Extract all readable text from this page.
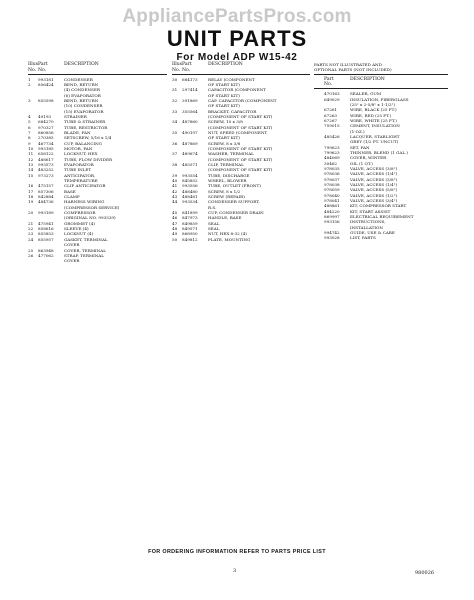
AppliancePartsPros.com
UNIT PARTS
For Model ADP W15-42
Illus.
No.
Part
No.
DESCRIPTION
1	993181	CONDENSER
2	856424	BEND, RETURN
(4) CONDENSER
(6) EVAPORATOR
3	855598	BEND, RETURN
(10) CONDENSER
(15) EVAPORATOR
4	49193	STRAINER
5	684270	TUBE & STRAINER
6	970327	TUBE, RESTRICTOR
7	860856	BLADE, FAN
8	270385	SETSCREW, 5/16 x 1/4
9	467734	CUP, BALANCING
10	993185	MOTOR, FAN
11	658122	LOCKNUT, HEX
12	488617	TUBE, FLOW DIVIDER
13	993573	EVAPORATOR
14	483252	TUBE INLET
15	973273	ANTICIPATOR,
TEMPERATURE
16	475157	CLIP ANTICIPATOR
17	857306	BASE
18	842884	CLAMP
19	484736	HARNESS WIRING
(COMPRESSOR SERVICE)
20	993189	COMPRESSOR
(ORIGINAL NO. 993539)
21	475941	GROMMET (4)
22	858616	SLEEVE (4)
23	855853	LOCKNUT (4)
24	855957	GASKET, TERMINAL
COVER
25	863948	COVER, TERMINAL
26	477062	STRAP, TERMINAL
COVER
Illus.
No.
Part
No.
DESCRIPTION
30	684173	RELAY (COMPONENT
OF START KIT)
31	297414	CAPACITOR (COMPONENT
OF START KIT)
32	391869	CAP. CAPACITOR (COMPONENT
OF START KIT)
33	355564	BRACKET, CAPACITOR
(COMPONENT OF START KIT)
34	487860	SCREW, 10 x 3/8
(COMPONENT OF START KIT)
35	490197	NUT, SPEED (COMPONENT
OF START KIT)
36	487869	SCREW, 8 x 3/8
(COMPONENT OF START KIT)
37	489674	WASHER, TERMINAL
(COMPONENT OF START KIT)
38	485571	CLIP, TERMINAL
(COMPONENT OF START KIT)
39	993554	TUBE, DISCHARGE
40	845852	WHEEL, BLOWER
41	993556	TUBE, OUTLET (FRONT)
42	488480	SCREW, 8 x 1/2
43	488481	SCREW (REPAIR)
44	993534	CONDENSER SUPPORT,
R.S.
45	841899	CUP, CONDENSER DRAIN
46	847973	HANDLE, BASE
47	849859	SEAL
48	849571	SEAL
49	868950	NUT, HEX 8-32 (4)
50	849812	PLATE, MOUNTING
PARTS NOT ILLUSTRATED AND
OPTIONAL PARTS (NOT INCLUDED)
Part
No.
DESCRIPTION
470163	SEALER, GUM
649029	INSULATION, FIBERGLASS
(25" x 2-5/8" x 1-1/2")
67261	WIRE, BLACK (25 FT.)
67263	WIRE, RED (25 FT.)
67267	WIRE, WHITE (25 FT.)
759015	CEMENT, INSULATION
(1-OZ.)
485426	LACQUER, STARLIGHT
GREY (1/2 PT. UNCUT)
799623	SET, FAN
799623	THINNER, BLEND (1 GAL.)
484069	COVER, WINTER
30462	OIL (1 QT.)
978035	VALVE, ACCESS (3/8")
978036	VALVE, ACCESS (1/4")
978037	VALVE, ACCESS (3/8")
978038	VALVE, ACCESS (1/4")
978059	VALVE, ACCESS (5/8")
978040	VALVE, ACCESS (1/2")
978041	VALVE, ACCESS (3/4")
488861	KIT, COMPRESSOR START
484220	KIT, START ASSIST
869997	ELECTRICAL REQUIREMENT
993156	INSTRUCTIONS,
INSTALLATION
994742	GUIDE, USE & CARE
993028	LIST, PARTS
FOR ORDERING INFORMATION REFER TO PARTS PRICE LIST
3	980026
